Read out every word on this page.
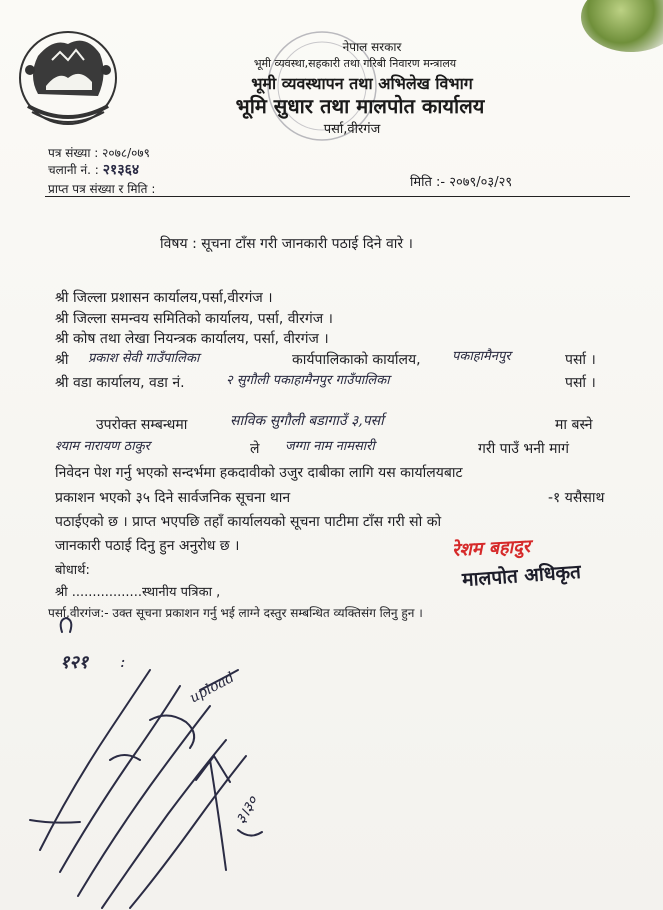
नेपाल सरकार
भूमी व्यवस्था,सहकारी तथा गरिबी निवारण मन्त्रालय
भूमी व्यवस्थापन तथा अभिलेख विभाग
भूमि सुधार तथा मालपोत कार्यालय
पर्सा,वीरगंज
पत्र संख्या : २०७८/०७९
चलानी नं. : २१३६४
प्राप्त पत्र संख्या र मिति :	मिति :- २०७९/०३/२९
विषय : सूचना टाँस गरी जानकारी पठाई दिने वारे ।
श्री जिल्ला प्रशासन कार्यालय,पर्सा,वीरगंज ।
श्री जिल्ला समन्वय समितिको कार्यालय, पर्सा, वीरगंज ।
श्री कोष तथा लेखा नियन्त्रक कार्यालय, पर्सा, वीरगंज ।
श्री प्रकाश सेवी गाउँपालिका	कार्यपालिकाको कार्यालय, पकाहामैनपुर	पर्सा ।
श्री वडा कार्यालय, वडा नं.	२ सुगौली पकाहामैनपुर गाउँपालिका	पर्सा ।
उपरोक्त सम्बन्धमा	साविक सुगौली बडागाउँ ३,पर्सा	मा बस्ने
श्याम नारायण ठाकुर	ले	जग्गा नाम नामसारी	गरी पाउँ भनी मागं
निवेदन पेश गर्नु भएको सन्दर्भमा हकदावीको उजुर दाबीका लागि यस कार्यालयबाट
प्रकाशन भएको ३५ दिने सार्वजनिक सूचना थान	-१ यसैसाथ
पठाईएको छ । प्राप्त भएपछि तहाँ कार्यालयको सूचना पाटीमा टाँस गरी सो को
जानकारी पठाई दिनु हुन अनुरोध छ ।	रेशम बहादुर
मालपोत अधिकृत
बोधार्थ:
श्री .................स्थानीय पत्रिका ,
पर्सा,वीरगंज:- उक्त सूचना प्रकाशन गर्नु भई लाग्ने दस्तुर सम्बन्धित व्यक्तिसंग लिनु हुन ।
१२१ :
upload
३।३०
